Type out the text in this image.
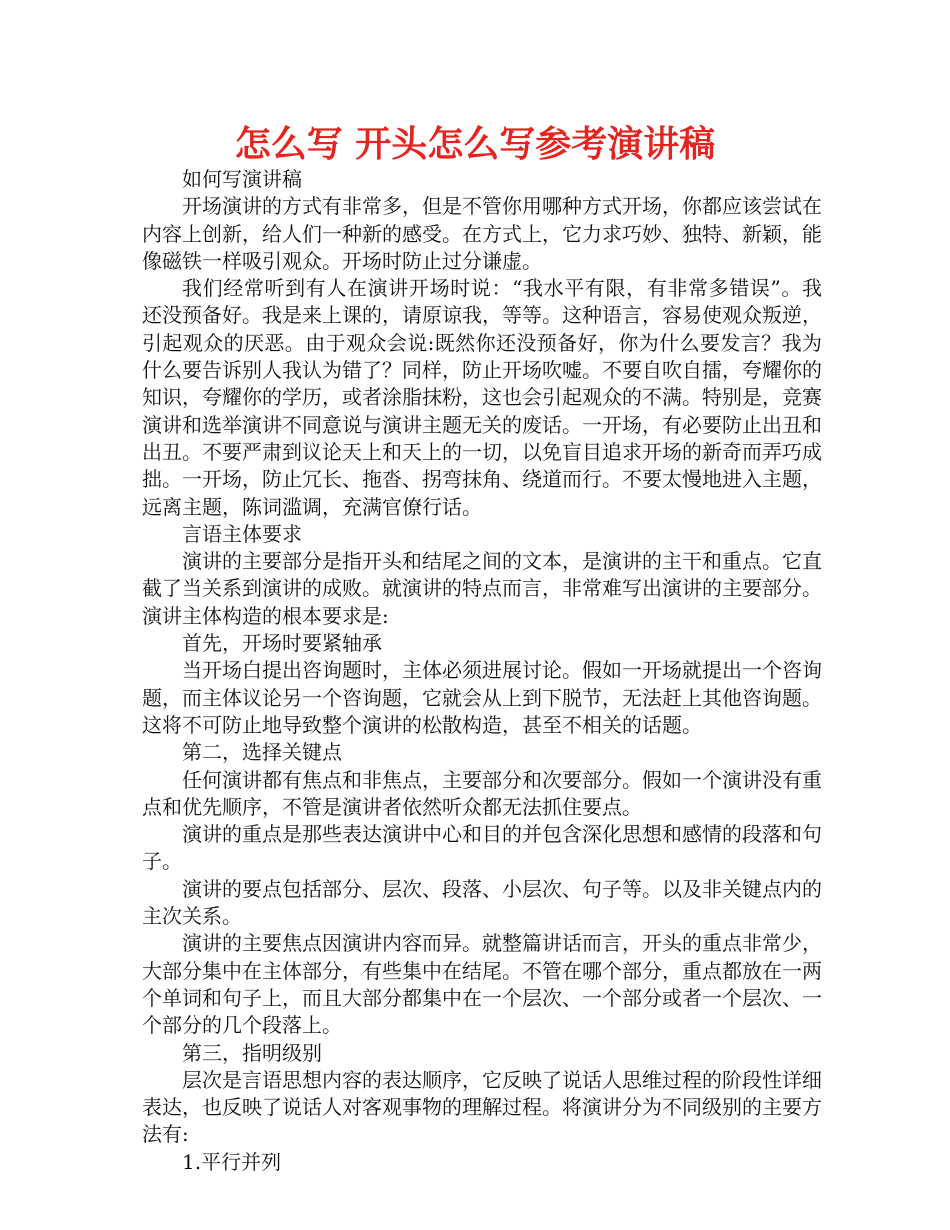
怎么写 开头怎么写参考演讲稿

如何写演讲稿

开场演讲的方式有非常多，但是不管你用哪种方式开场，你都应该尝试在内容上创新，给人们一种新的感受。在方式上，它力求巧妙、独特、新颖，能像磁铁一样吸引观众。开场时防止过分谦虚。

我们经常听到有人在演讲开场时说：“我水平有限，有非常多错误”。我还没预备好。我是来上课的，请原谅我，等等。这种语言，容易使观众叛逆，引起观众的厌恶。由于观众会说:既然你还没预备好，你为什么要发言？我为什么要告诉别人我认为错了？同样，防止开场吹嘘。不要自吹自擂，夸耀你的知识，夸耀你的学历，或者涂脂抹粉，这也会引起观众的不满。特别是，竞赛演讲和选举演讲不同意说与演讲主题无关的废话。一开场，有必要防止出丑和出丑。不要严肃到议论天上和天上的一切，以免盲目追求开场的新奇而弄巧成拙。一开场，防止冗长、拖沓、拐弯抹角、绕道而行。不要太慢地进入主题，远离主题，陈词滥调，充满官僚行话。

言语主体要求

演讲的主要部分是指开头和结尾之间的文本，是演讲的主干和重点。它直截了当关系到演讲的成败。就演讲的特点而言，非常难写出演讲的主要部分。演讲主体构造的根本要求是:

首先，开场时要紧轴承

当开场白提出咨询题时，主体必须进展讨论。假如一开场就提出一个咨询题，而主体议论另一个咨询题，它就会从上到下脱节，无法赶上其他咨询题。这将不可防止地导致整个演讲的松散构造，甚至不相关的话题。

第二，选择关键点

任何演讲都有焦点和非焦点，主要部分和次要部分。假如一个演讲没有重点和优先顺序，不管是演讲者依然听众都无法抓住要点。

演讲的重点是那些表达演讲中心和目的并包含深化思想和感情的段落和句子。

演讲的要点包括部分、层次、段落、小层次、句子等。以及非关键点内的主次关系。

演讲的主要焦点因演讲内容而异。就整篇讲话而言，开头的重点非常少，大部分集中在主体部分，有些集中在结尾。不管在哪个部分，重点都放在一两个单词和句子上，而且大部分都集中在一个层次、一个部分或者一个层次、一个部分的几个段落上。

第三，指明级别

层次是言语思想内容的表达顺序，它反映了说话人思维过程的阶段性详细表达，也反映了说话人对客观事物的理解过程。将演讲分为不同级别的主要方法有:

1.平行并列
